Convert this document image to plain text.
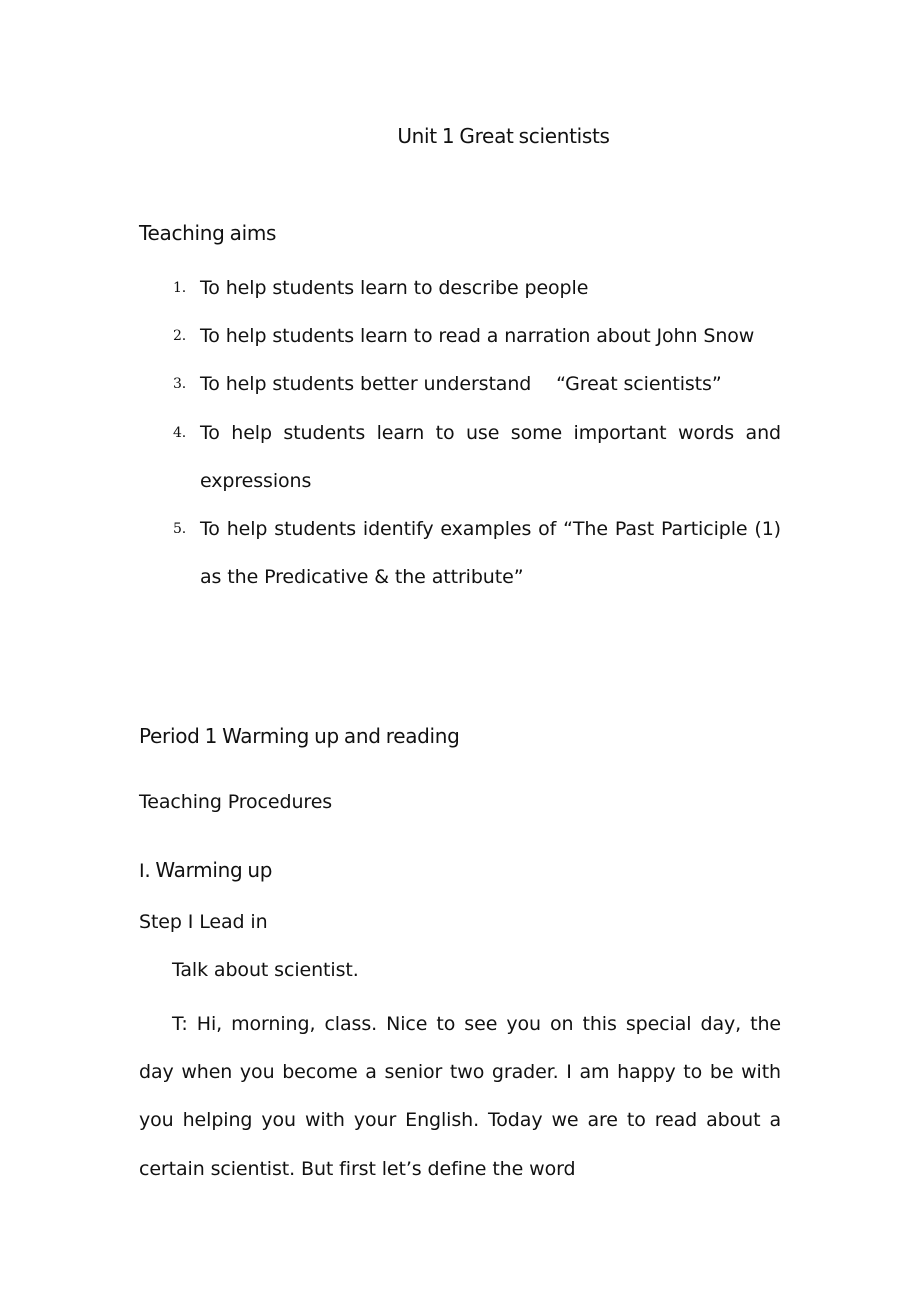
Unit 1 Great scientists
Teaching aims
1. To help students learn to describe people
2. To help students learn to read a narration about John Snow
3. To help students better understand 　“Great scientists”
4. To help students learn to use some important words and expressions
5. To help students identify examples of “The Past Participle (1) as the Predicative & the attribute”
Period 1 Warming up and reading
Teaching Procedures
I. Warming up
Step I Lead in
Talk about scientist.

T: Hi, morning, class. Nice to see you on this special day, the day when you become a senior two grader. I am happy to be with you helping you with your English. Today we are to read about a certain scientist. But first let’s define the word
